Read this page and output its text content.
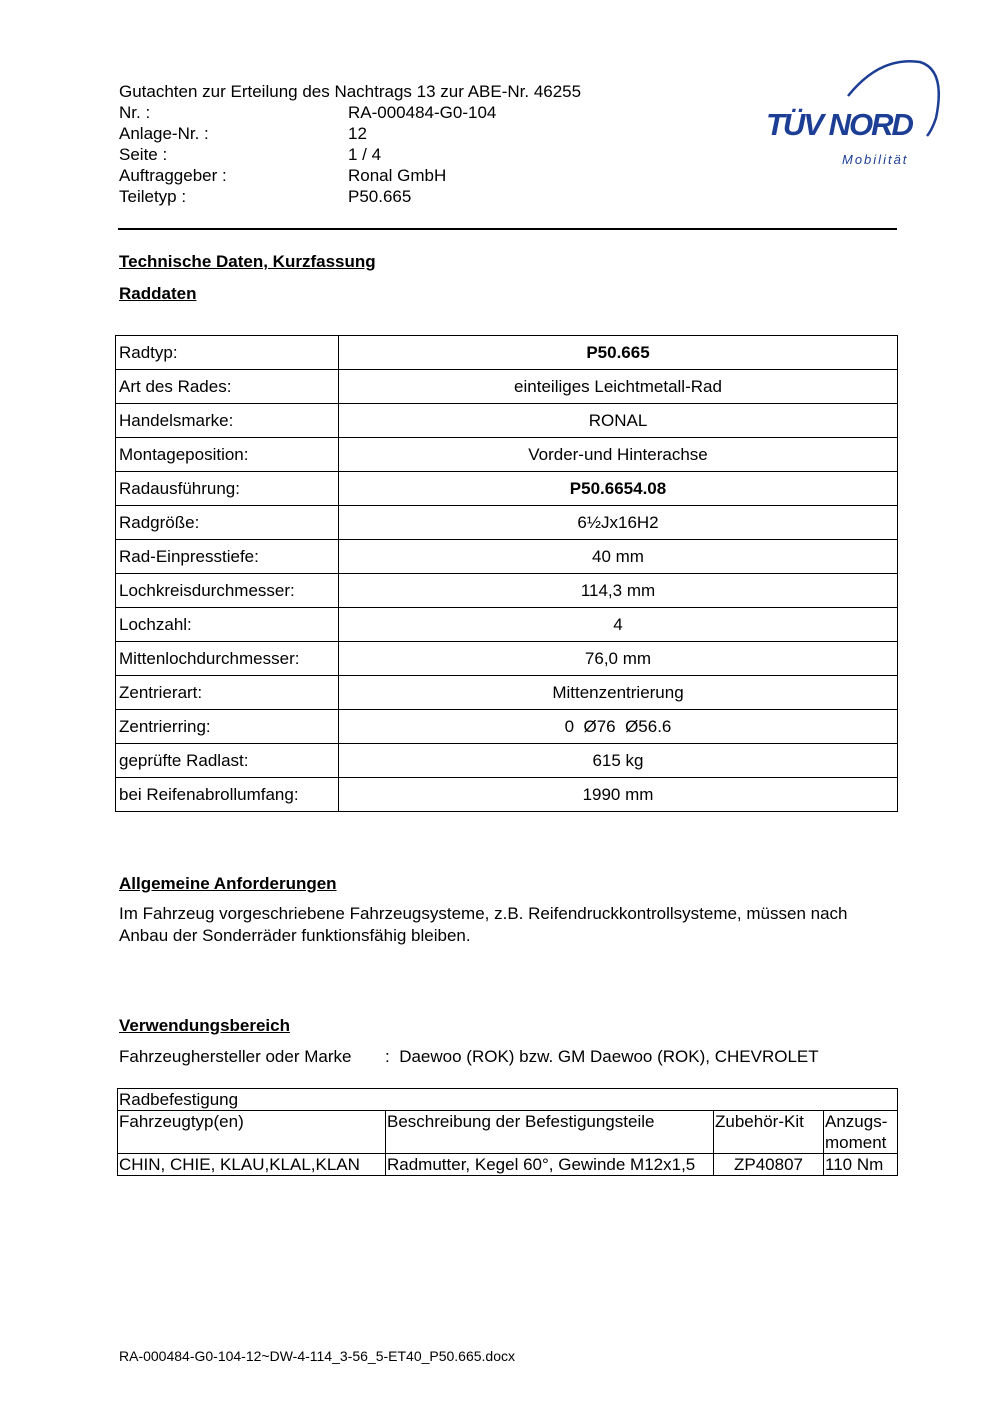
Gutachten zur Erteilung des Nachtrags 13 zur ABE-Nr. 46255
Nr. :	RA-000484-G0-104
Anlage-Nr. :	12
Seite :	1 / 4
Auftraggeber :	Ronal GmbH
Teiletyp :	P50.665
TÜV NORD
Mobilität
Technische Daten, Kurzfassung
Raddaten
Radtyp:	P50.665
Art des Rades:	einteiliges Leichtmetall-Rad
Handelsmarke:	RONAL
Montageposition:	Vorder-und Hinterachse
Radausführung:	P50.6654.08
Radgröße:	6½Jx16H2
Rad-Einpresstiefe:	40 mm
Lochkreisdurchmesser:	114,3 mm
Lochzahl:	4
Mittenlochdurchmesser:	76,0 mm
Zentrierart:	Mittenzentrierung
Zentrierring:	0  Ø76  Ø56.6
geprüfte Radlast:	615 kg
bei Reifenabrollumfang:	1990 mm
Allgemeine Anforderungen
Im Fahrzeug vorgeschriebene Fahrzeugsysteme, z.B. Reifendruckkontrollsysteme, müssen nach Anbau der Sonderräder funktionsfähig bleiben.
Verwendungsbereich
Fahrzeughersteller oder Marke : Daewoo (ROK) bzw. GM Daewoo (ROK), CHEVROLET
Radbefestigung			
Fahrzeugtyp(en)	Beschreibung der Befestigungsteile	Zubehör-Kit	Anzugs-moment
CHIN, CHIE, KLAU,KLAL,KLAN	Radmutter, Kegel 60°, Gewinde M12x1,5	ZP40807	110 Nm
RA-000484-G0-104-12~DW-4-114_3-56_5-ET40_P50.665.docx
